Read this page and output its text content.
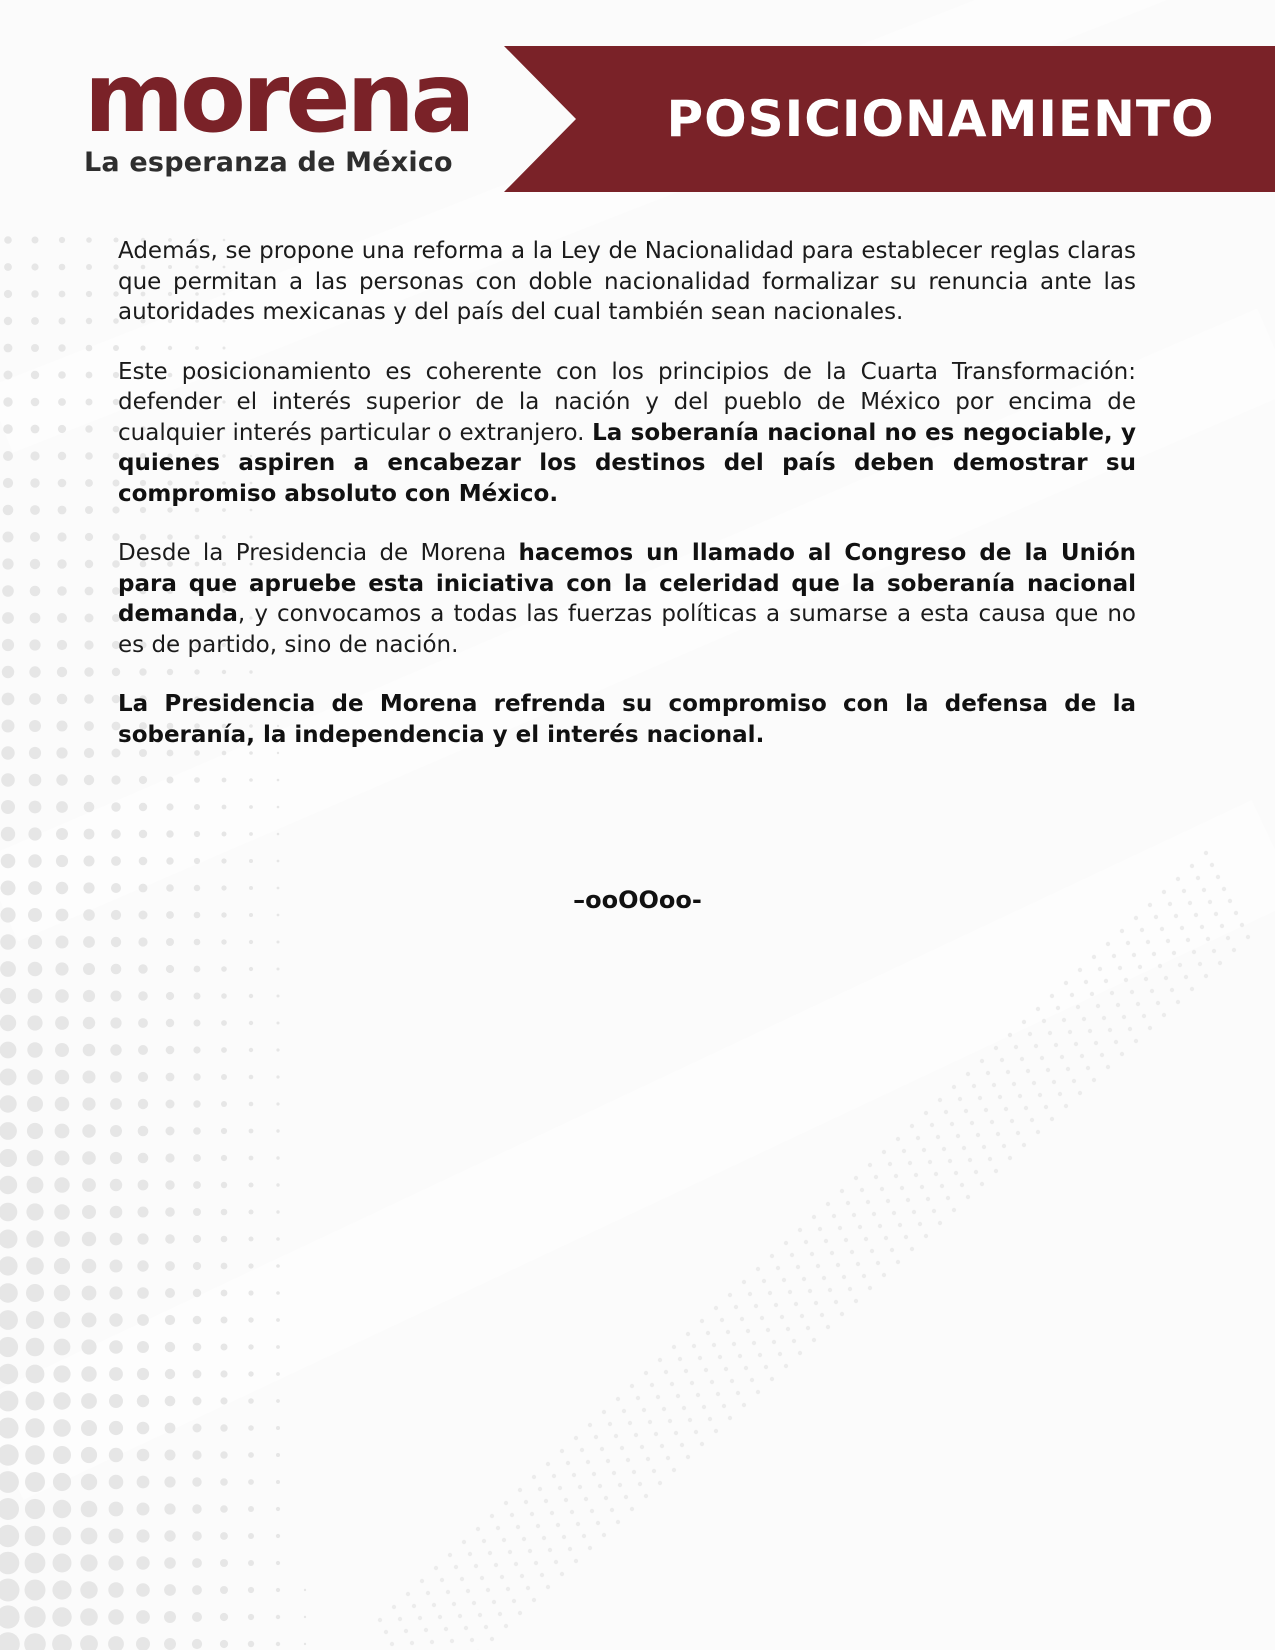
morena
La esperanza de México
POSICIONAMIENTO

Además, se propone una reforma a la Ley de Nacionalidad para establecer reglas claras que permitan a las personas con doble nacionalidad formalizar su renuncia ante las autoridades mexicanas y del país del cual también sean nacionales.

Este posicionamiento es coherente con los principios de la Cuarta Transformación: defender el interés superior de la nación y del pueblo de México por encima de cualquier interés particular o extranjero. La soberanía nacional no es negociable, y quienes aspiren a encabezar los destinos del país deben demostrar su compromiso absoluto con México.

Desde la Presidencia de Morena hacemos un llamado al Congreso de la Unión para que apruebe esta iniciativa con la celeridad que la soberanía nacional demanda, y convocamos a todas las fuerzas políticas a sumarse a esta causa que no es de partido, sino de nación.

La Presidencia de Morena refrenda su compromiso con la defensa de la soberanía, la independencia y el interés nacional.

–ooOOoo-
